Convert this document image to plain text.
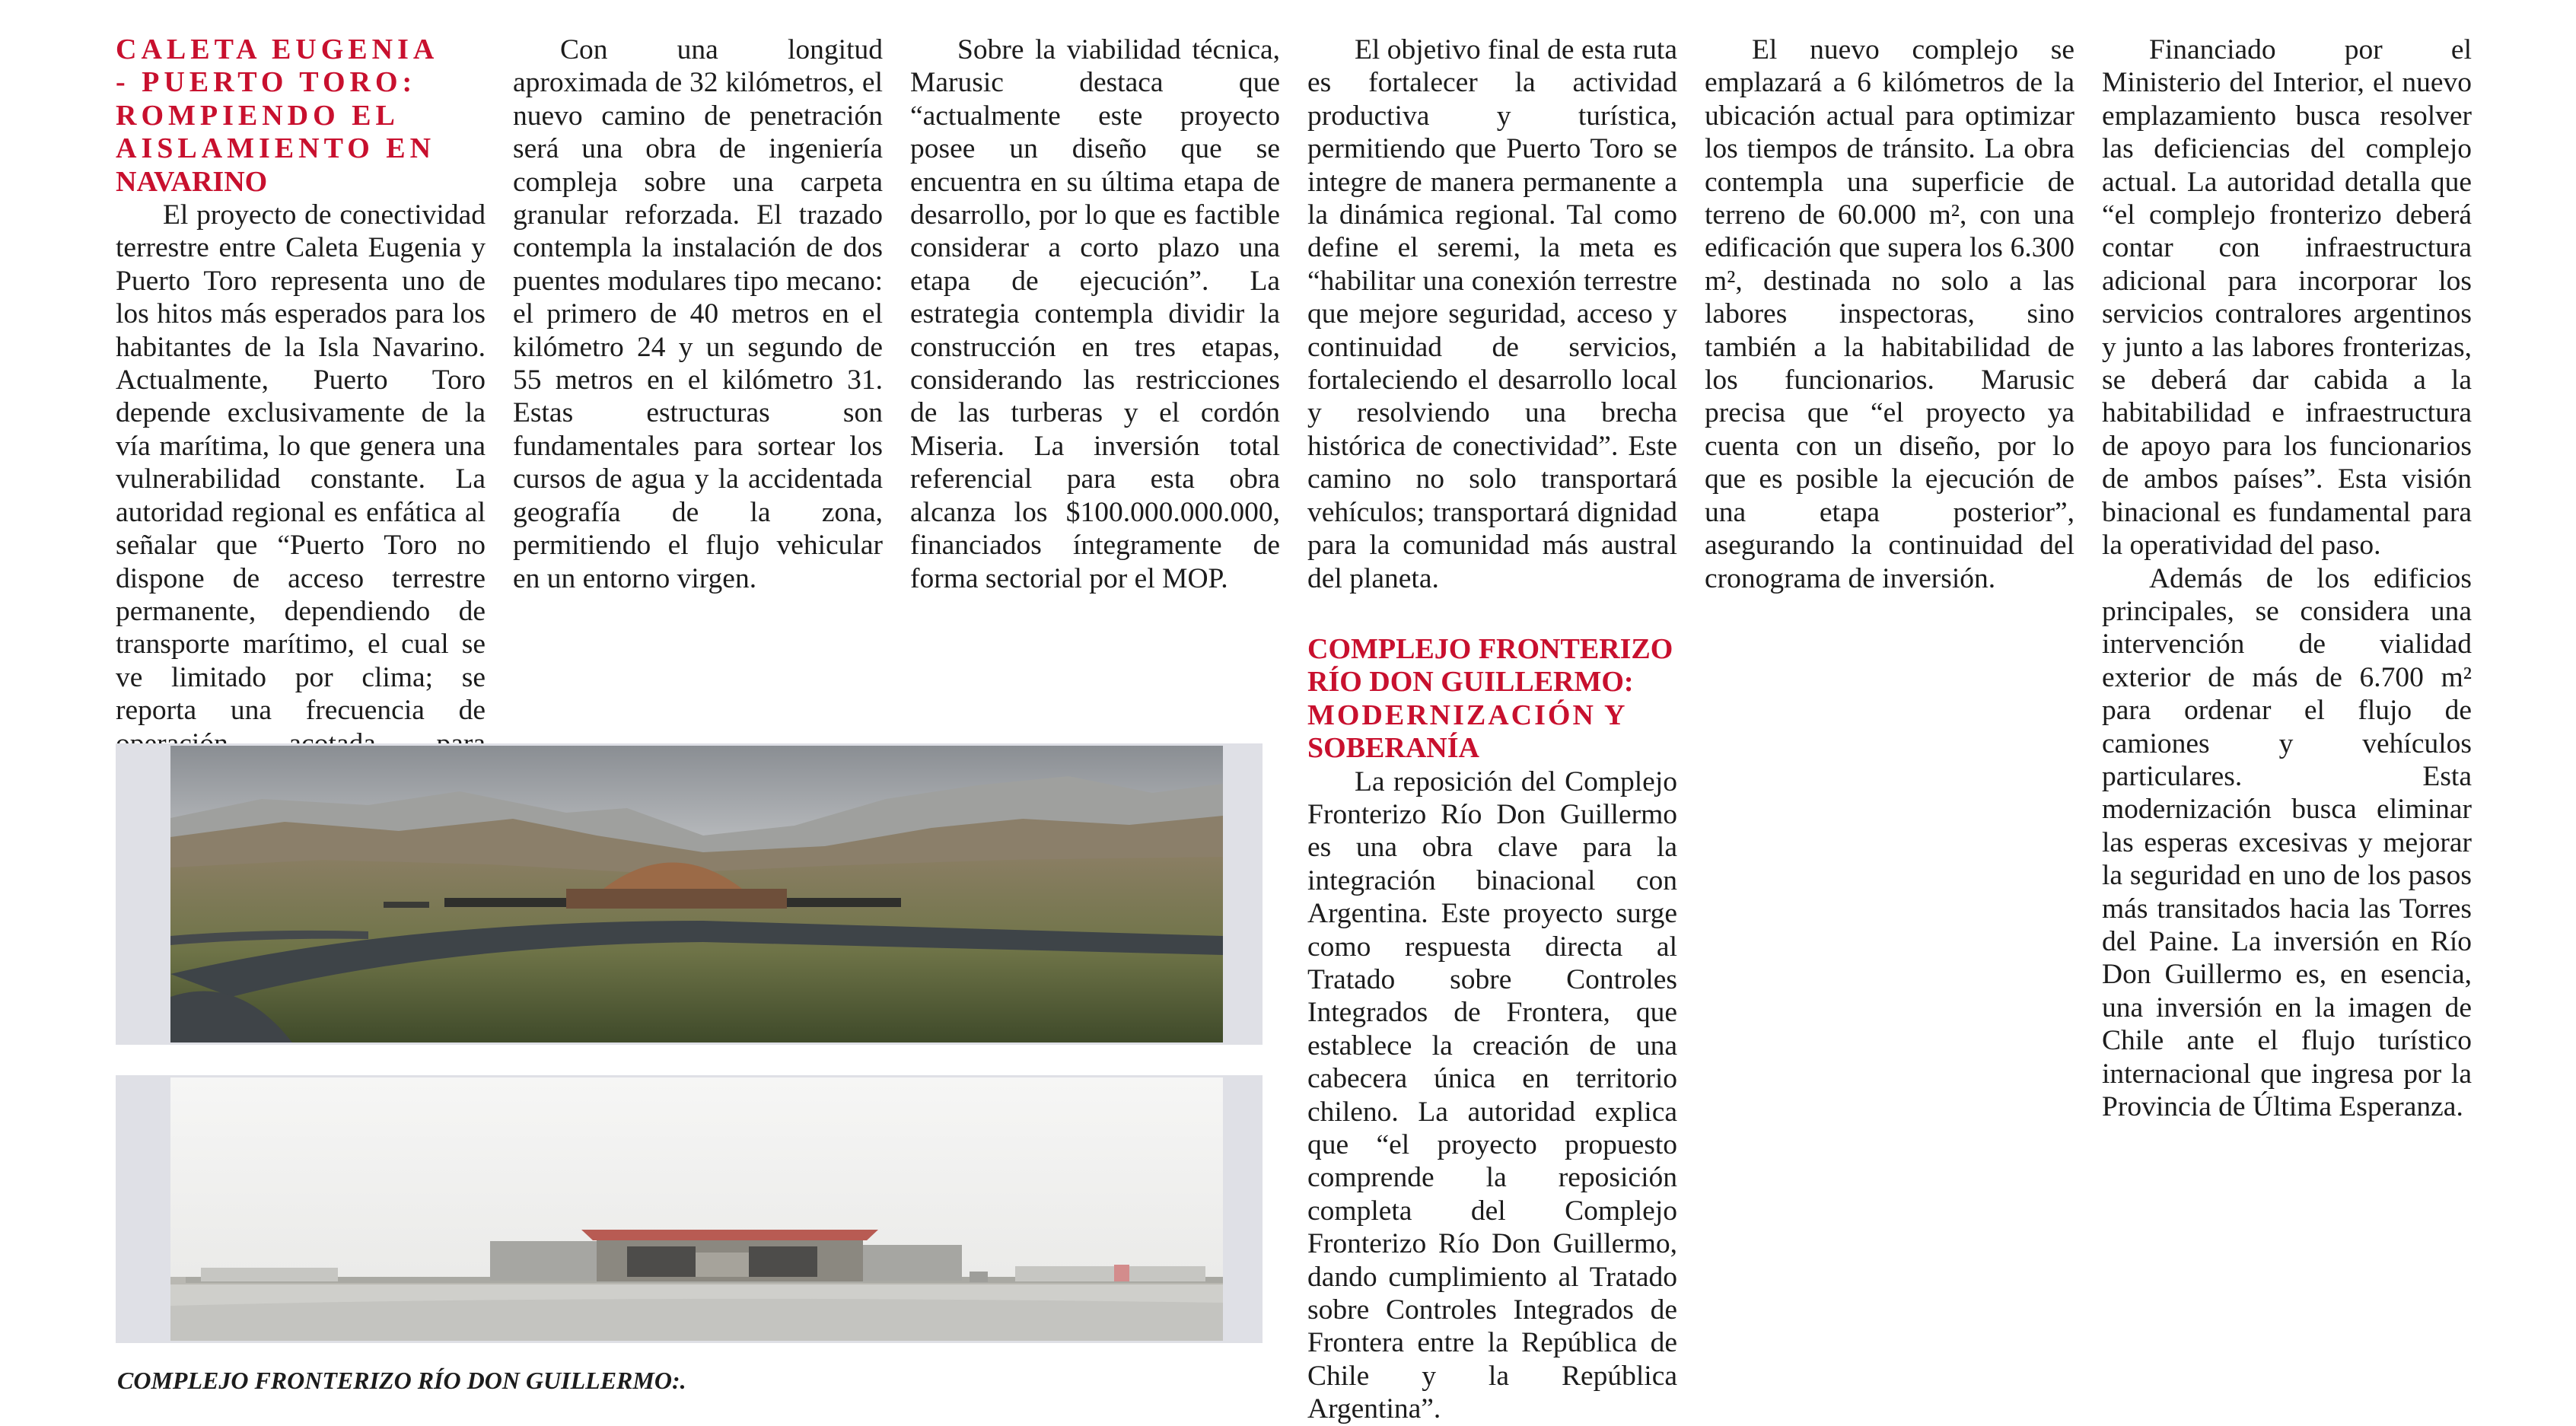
CALETA EUGENIA
- PUERTO TORO:
ROMPIENDO EL
AISLAMIENTO EN
NAVARINO

El proyecto de conectividad terrestre entre Caleta Eugenia y Puerto Toro representa uno de los hitos más esperados para los habitantes de la Isla Navarino. Actualmente, Puerto Toro depende exclusivamente de la vía marítima, lo que genera una vulnerabilidad constante. La autoridad regional es enfática al señalar que “Puerto Toro no dispone de acceso terrestre permanente, dependiendo de transporte marítimo, el cual se ve limitado por clima; se reporta una frecuencia de

Con una longitud aproximada de 32 kilómetros, el nuevo camino de penetración será una obra de ingeniería compleja sobre una carpeta granular reforzada. El trazado contempla la instalación de dos puentes modulares tipo mecano: el primero de 40 metros en el kilómetro 24 y un segundo de 55 metros en el kilómetro 31. Estas estructuras son fundamentales para sortear los cursos de agua y la accidentada geografía de la zona, permitiendo el flujo vehicular en un entorno virgen.

Sobre la viabilidad técnica, Marusic destaca que “actualmente este proyecto posee un diseño que se encuentra en su última etapa de desarrollo, por lo que es factible considerar a corto plazo una etapa de ejecución”. La estrategia contempla dividir la construcción en tres etapas, considerando las restricciones de las turberas y el cordón Miseria. La inversión total referencial para esta obra alcanza los $100.000.000.000, financiados íntegramente de forma sectorial por el MOP.

El objetivo final de esta ruta es fortalecer la actividad productiva y turística, permitiendo que Puerto Toro se integre de manera permanente a la dinámica regional. Tal como define el seremi, la meta es “habilitar una conexión terrestre que mejore seguridad, acceso y continuidad de servicios, fortaleciendo el desarrollo local y resolviendo una brecha histórica de conectividad”. Este camino no solo transportará vehículos; transportará dignidad para la comunidad más austral del planeta.

COMPLEJO FRONTERIZO
RÍO DON GUILLERMO:
MODERNIZACIÓN Y
SOBERANÍA

La reposición del Complejo Fronterizo Río Don Guillermo es una obra clave para la integración binacional con Argentina. Este proyecto surge como respuesta directa al Tratado sobre Controles Integrados de Frontera, que establece la creación de una cabecera única en territorio chileno. La autoridad explica que “el proyecto propuesto comprende la reposición completa del Complejo Fronterizo Río Don Guillermo, dando cumplimiento al Tratado sobre Controles Integrados de Frontera entre la República de Chile y la República Argentina”.

El nuevo complejo se emplazará a 6 kilómetros de la ubicación actual para optimizar los tiempos de tránsito. La obra contempla una superficie de terreno de 60.000 m², con una edificación que supera los 6.300 m², destinada no solo a las labores inspectoras, sino también a la habitabilidad de los funcionarios. Marusic precisa que “el proyecto ya cuenta con un diseño, por lo que es posible la ejecución de una etapa posterior”, asegurando la continuidad del cronograma de inversión.

Financiado por el Ministerio del Interior, el nuevo emplazamiento busca resolver las deficiencias del complejo actual. La autoridad detalla que “el complejo fronterizo deberá contar con infraestructura adicional para incorporar los servicios contralores argentinos y junto a las labores fronterizas, se deberá dar cabida a la habitabilidad e infraestructura de apoyo para los funcionarios de ambos países”. Esta visión binacional es fundamental para la operatividad del paso.

Además de los edificios principales, se considera una intervención de vialidad exterior de más de 6.700 m² para ordenar el flujo de camiones y vehículos particulares. Esta modernización busca eliminar las esperas excesivas y mejorar la seguridad en uno de los pasos más transitados hacia las Torres del Paine. La inversión en Río Don Guillermo es, en esencia, una inversión en la imagen de Chile ante el flujo turístico internacional que ingresa por la Provincia de Última Esperanza.

COMPLEJO FRONTERIZO RÍO DON GUILLERMO:.
